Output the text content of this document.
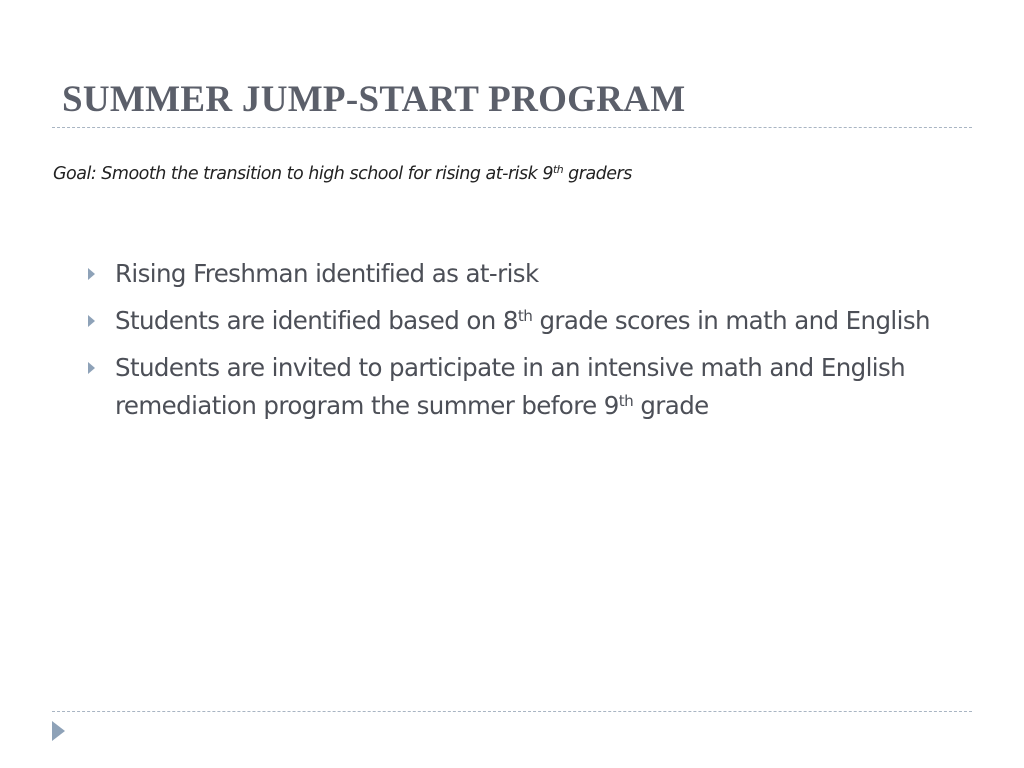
SUMMER JUMP-START PROGRAM
Goal: Smooth the transition to high school for rising at-risk 9th graders
Rising Freshman identified as at-risk
Students are identified based on 8th grade scores in math and English
Students are invited to participate in an intensive math and English remediation program the summer before 9th grade
